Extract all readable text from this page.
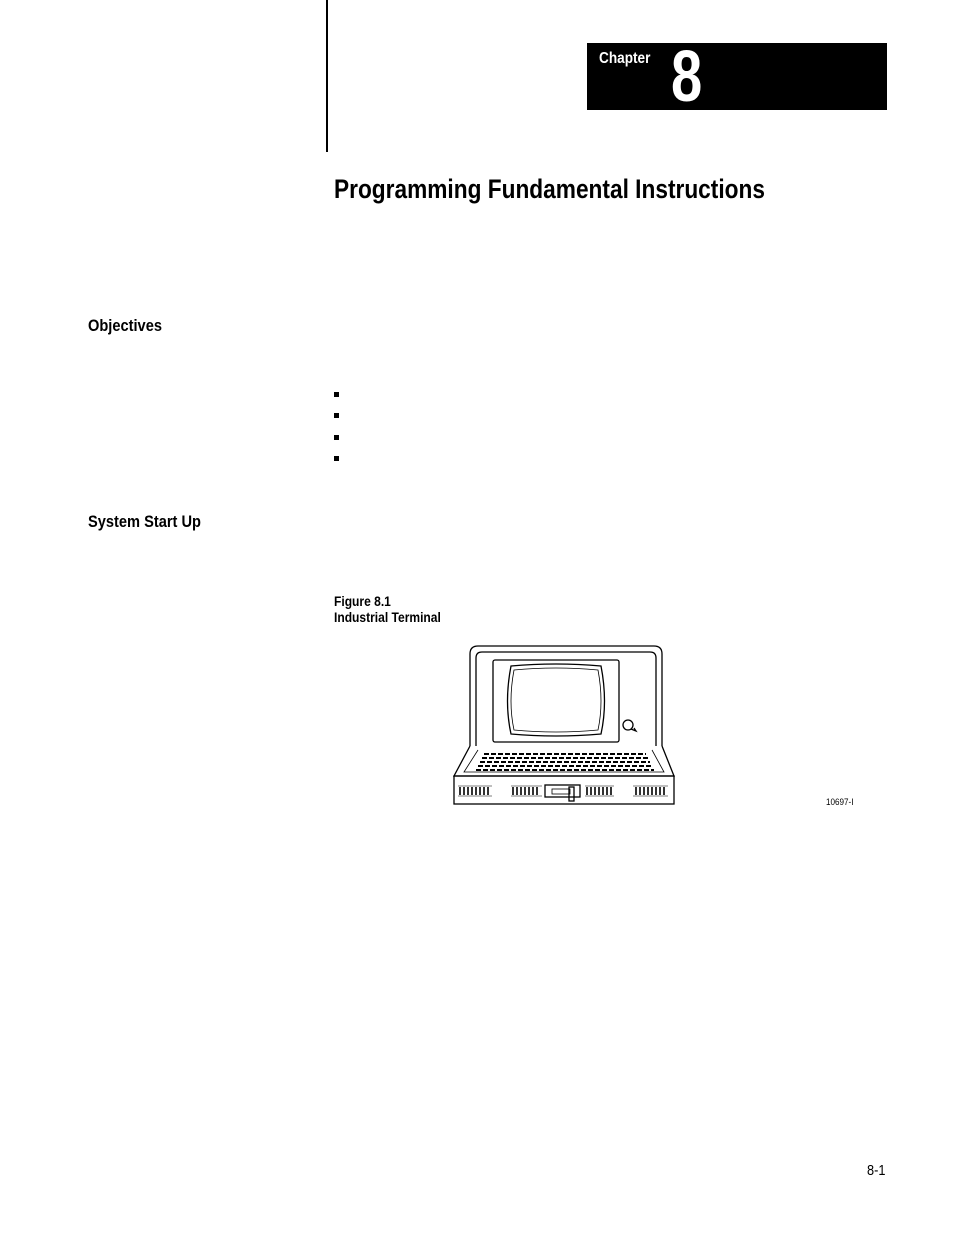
Chapter 8
Programming Fundamental Instructions
Objectives
System Start Up
Figure 8.1
Industrial Terminal
10697-I
8-1
